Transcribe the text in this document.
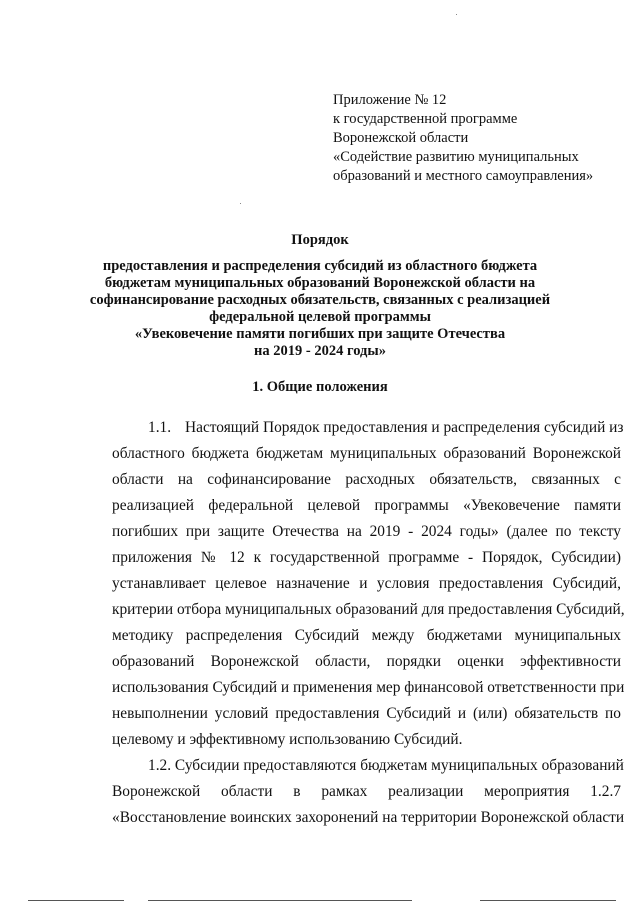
Приложение № 12
к государственной программе
Воронежской области
«Содействие развитию муниципальных
образований и местного самоуправления»
Порядок
предоставления и распределения субсидий из областного бюджета
бюджетам муниципальных образований Воронежской области на
софинансирование расходных обязательств, связанных с реализацией
федеральной целевой программы
«Увековечение памяти погибших при защите Отечества
на 2019 - 2024 годы»
1. Общие положения
1.1. Настоящий Порядок предоставления и распределения субсидий из
областного бюджета бюджетам муниципальных образований Воронежской
области на софинансирование расходных обязательств, связанных с
реализацией федеральной целевой программы «Увековечение памяти
погибших при защите Отечества на 2019 - 2024 годы» (далее по тексту
приложения № 12 к государственной программе - Порядок, Субсидии)
устанавливает целевое назначение и условия предоставления Субсидий,
критерии отбора муниципальных образований для предоставления Субсидий,
методику распределения Субсидий между бюджетами муниципальных
образований Воронежской области, порядки оценки эффективности
использования Субсидий и применения мер финансовой ответственности при
невыполнении условий предоставления Субсидий и (или) обязательств по
целевому и эффективному использованию Субсидий.
1.2. Субсидии предоставляются бюджетам муниципальных образований
Воронежской области в рамках реализации мероприятия 1.2.7
«Восстановление воинских захоронений на территории Воронежской области
